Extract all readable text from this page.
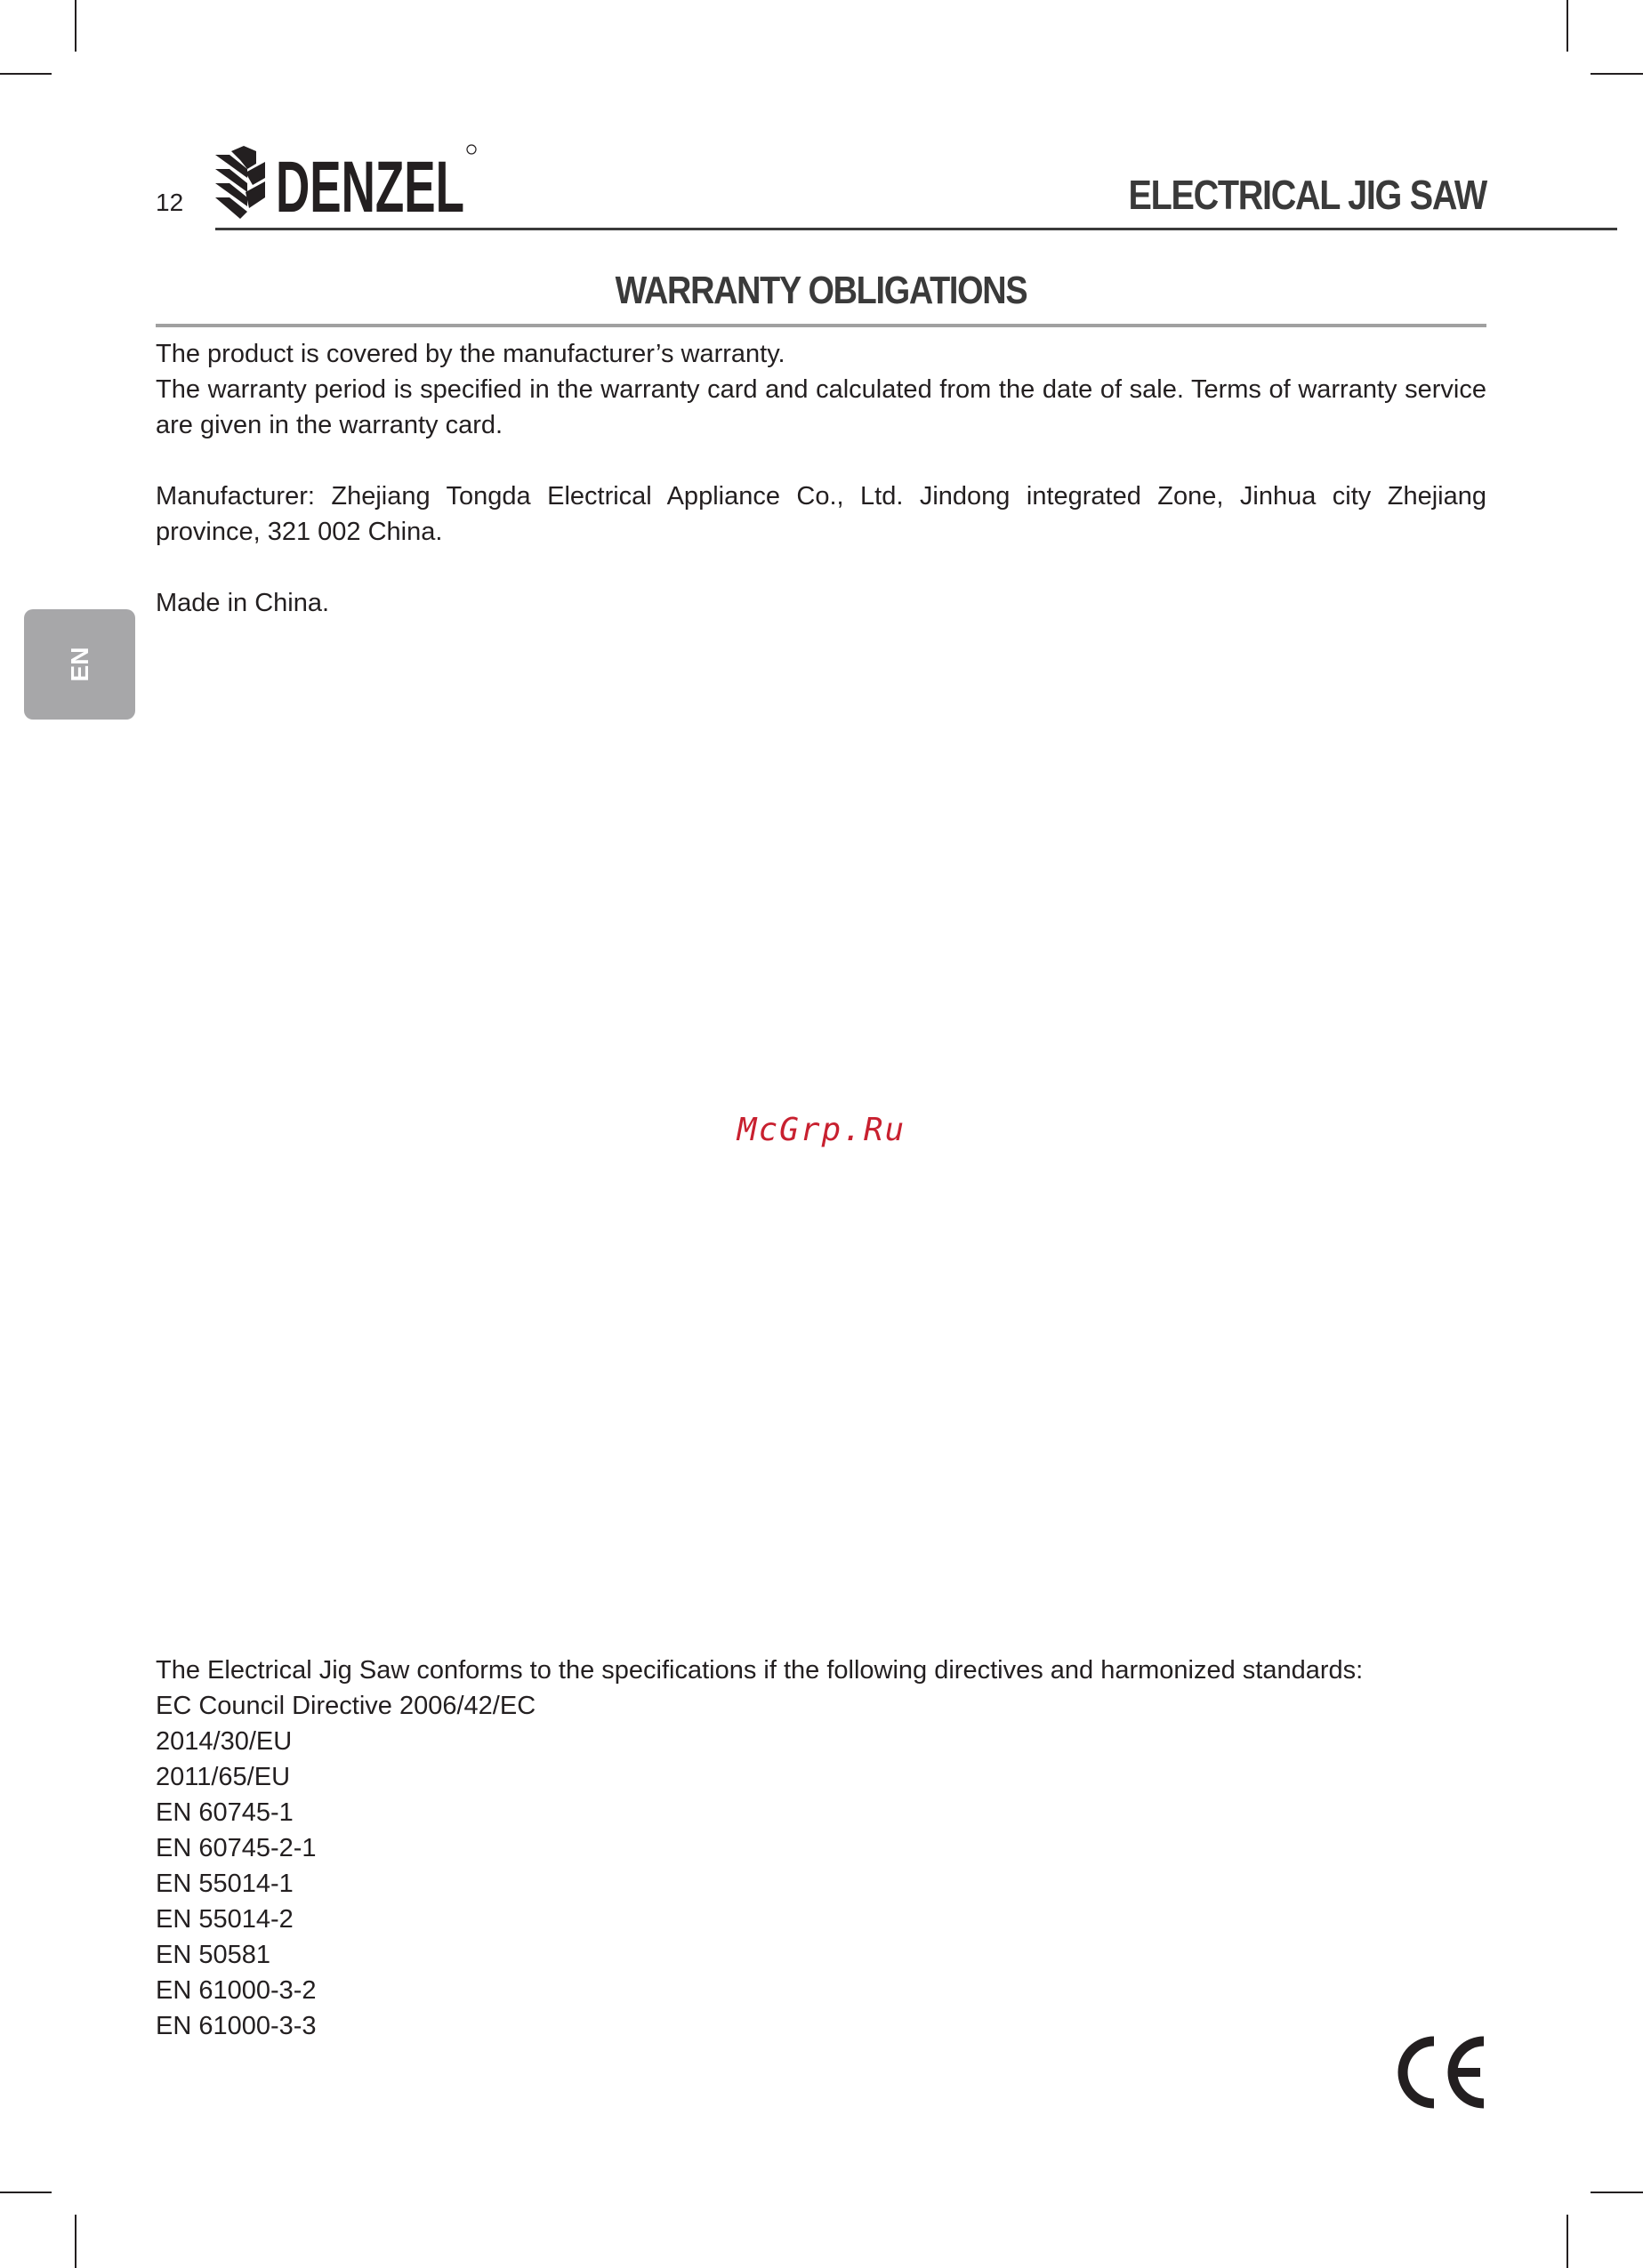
12 DENZEL	ELECTRICAL JIG SAW
WARRANTY OBLIGATIONS

The product is covered by the manufacturer’s warranty.

The warranty period is specified in the warranty card and calculated from the date of sale. Terms of warranty service are given in the warranty card.

Manufacturer: Zhejiang Tongda Electrical Appliance Co., Ltd. Jindong integrated Zone, Jinhua city Zhejiang province, 321 002 China.

Made in China.

EN
McGrp.Ru
The Electrical Jig Saw conforms to the specifications if the following directives and harmonized standards:
EC Council Directive 2006/42/EC
2014/30/EU
2011/65/EU
EN 60745-1
EN 60745-2-1
EN 55014-1
EN 55014-2
EN 50581
EN 61000-3-2
EN 61000-3-3
